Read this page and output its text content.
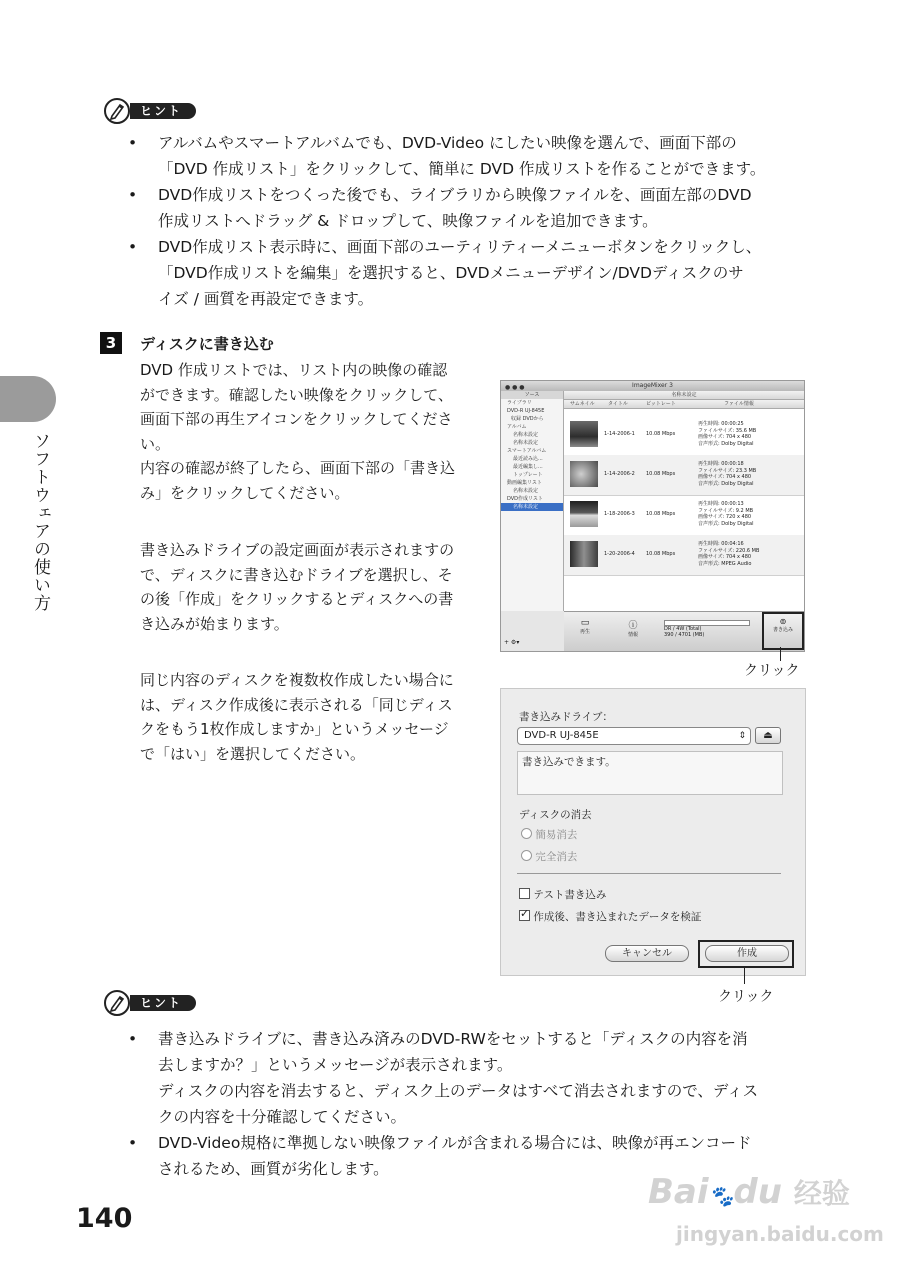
ヒント
• アルバムやスマートアルバムでも、DVD-Video にしたい映像を選んで、画面下部の
「DVD 作成リスト」をクリックして、簡単に DVD 作成リストを作ることができます。
• DVD作成リストをつくった後でも、ライブラリから映像ファイルを、画面左部のDVD
作成リストへドラッグ & ドロップして、映像ファイルを追加できます。
• DVD作成リスト表示時に、画面下部のユーティリティーメニューボタンをクリックし、
「DVD作成リストを編集」を選択すると、DVDメニューデザイン/DVDディスクのサ
イズ / 画質を再設定できます。
ソフトウェアの使い方
3	ディスクに書き込む
DVD 作成リストでは、リスト内の映像の確認
ができます。確認したい映像をクリックして、
画面下部の再生アイコンをクリックしてくださ
い。
内容の確認が終了したら、画面下部の「書き込
み」をクリックしてください。
書き込みドライブの設定画面が表示されますの
で、ディスクに書き込むドライブを選択し、そ
の後「作成」をクリックするとディスクへの書
き込みが始まります。
同じ内容のディスクを複数枚作成したい場合に
は、ディスク作成後に表示される「同じディス
クをもう1枚作成しますか」というメッセージ
で「はい」を選択してください。
● ● ●	ImageMixer 3
ソース
ライブラリ
DVD-R UJ-845E
収録 DVDから
アルバム
名称未設定
名称未設定
スマートアルバム
最近読み込...
最近編集し...
トップレート
動画編集リスト
名称未設定
DVD作成リスト
名称未設定
名称未設定
サムネイル	タイトル	ビットレート	ファイル情報
1-14-2006-1 10.08 Mbps
再生時間: 00:00:25
ファイルサイズ: 35.6 MB
画像サイズ: 704 x 480
音声形式: Dolby Digital
1-14-2006-2 10.08 Mbps
再生時間: 00:00:18
ファイルサイズ: 23.3 MB
画像サイズ: 704 x 480
音声形式: Dolby Digital
1-18-2006-3 10.08 Mbps
再生時間: 00:00:13
ファイルサイズ: 9.2 MB
画像サイズ: 720 x 480
音声形式: Dolby Digital
1-20-2006-4 10.08 Mbps
再生時間: 00:04:16
ファイルサイズ: 220.6 MB
画像サイズ: 704 x 480
音声形式: MPEG Audio
▭
再生
ⓘ
情報
DR / 4W (Total)
390 / 4701 (MB)
+ ⚙▾
⊚
書き込み
クリック
書き込みドライブ：
DVD-R UJ-845E	⇕	⏏
書き込みできます。
ディスクの消去
簡易消去
完全消去
テスト書き込み
✓ 作成後、書き込まれたデータを検証
キャンセル	作成
クリック
ヒント
• 書き込みドライブに、書き込み済みのDVD-RWをセットすると「ディスクの内容を消
去しますか？」というメッセージが表示されます。
ディスクの内容を消去すると、ディスク上のデータはすべて消去されますので、ディス
クの内容を十分確認してください。
• DVD-Video規格に準拠しない映像ファイルが含まれる場合には、映像が再エンコード
されるため、画質が劣化します。
140
Bai🐾du 经验
jingyan.baidu.com
